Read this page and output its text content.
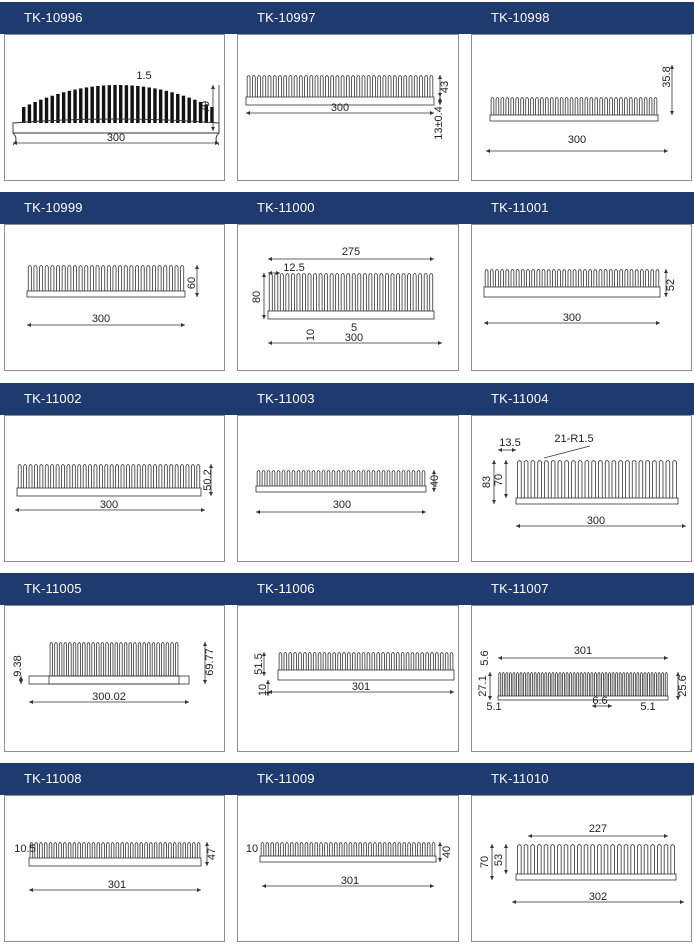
TK-10996	TK-10997	TK-10998
300
79
1.5
300
43
13±0.4
300
35.8
TK-10999	TK-11000	TK-11001
300
60
275
12.5
80
10
5
300
300
52
TK-11002	TK-11003	TK-11004
300
50.2
300
40
300
13.5	21-R1.5
83 70
TK-11005	TK-11006	TK-11007
300.02
69.77
9.38
301
51.5
10
301
27.1
5.6
25.6
5.1	6.6	5.1
TK-11008	TK-11009	TK-11010
301
47
10.5
301
40
10
227
70 53
302
